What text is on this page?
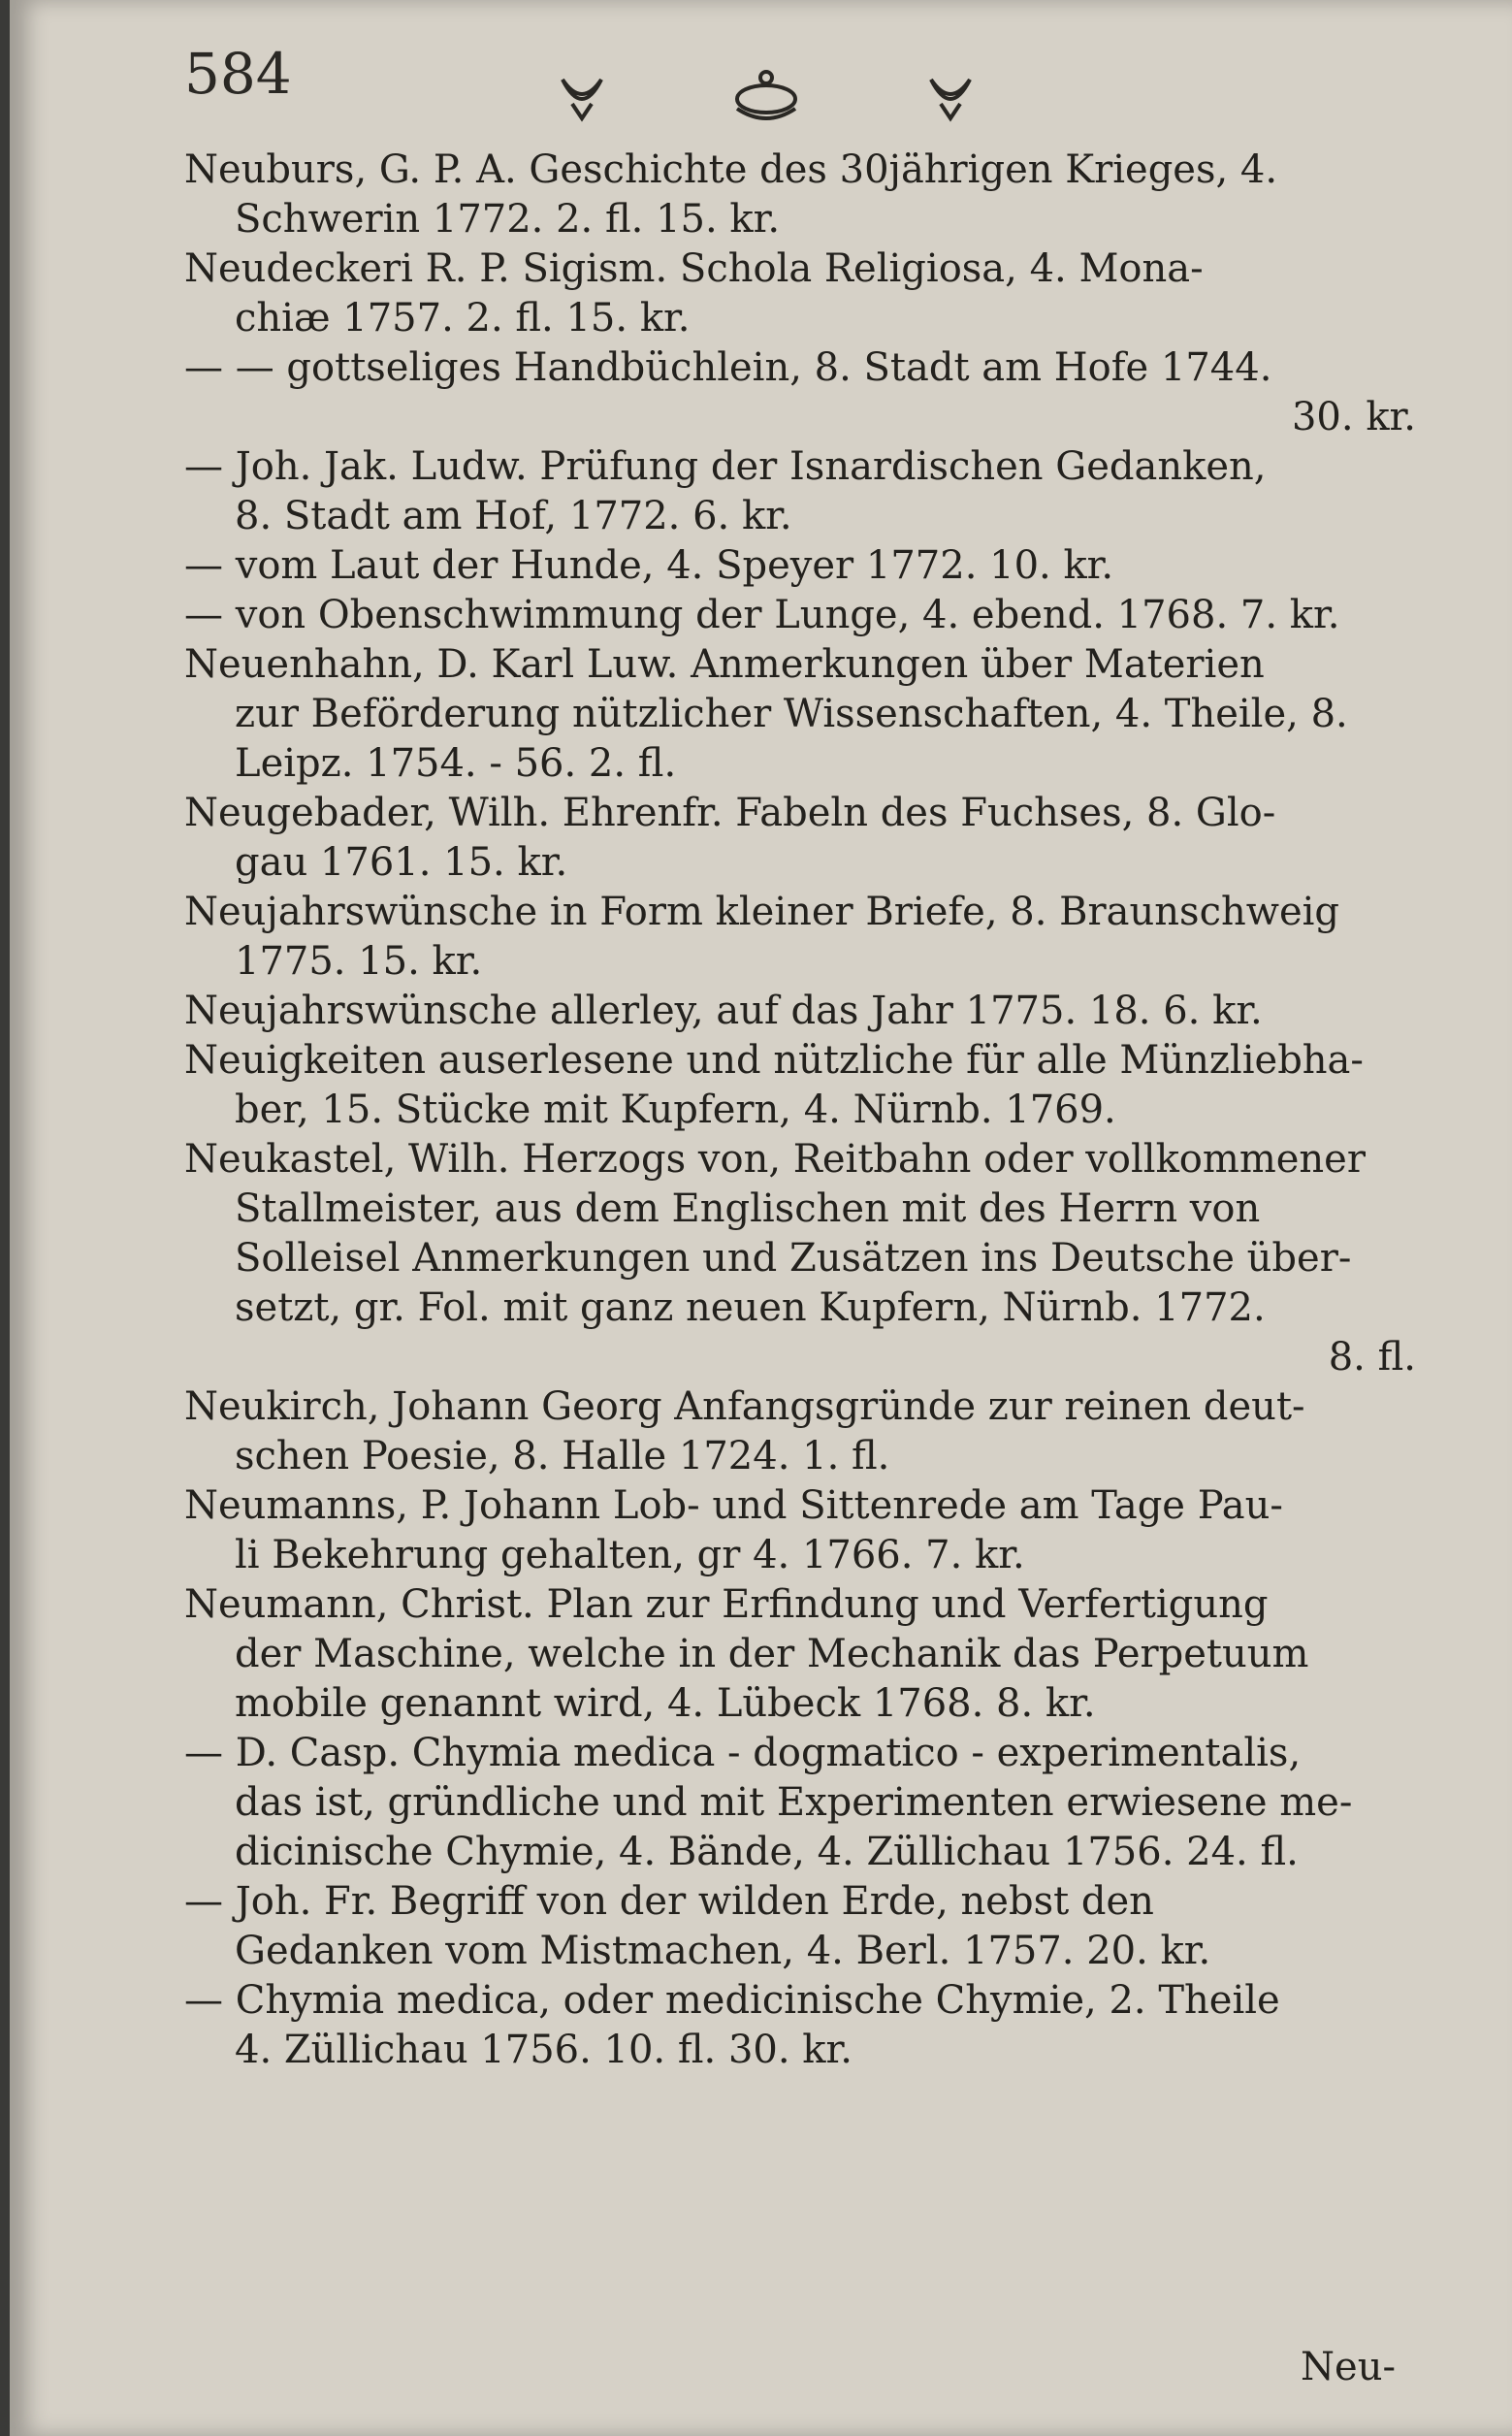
584
Neuburs, G. P. A. Geschichte des 30jährigen Krieges, 4.
Schwerin 1772. 2. fl. 15. kr.
Neudeckeri R. P. Sigism. Schola Religiosa, 4. Mona-
chiæ 1757. 2. fl. 15. kr.
— — gottseliges Handbüchlein, 8. Stadt am Hofe 1744.
30. kr.
— Joh. Jak. Ludw. Prüfung der Isnardischen Gedanken,
8. Stadt am Hof, 1772. 6. kr.
— vom Laut der Hunde, 4. Speyer 1772. 10. kr.
— von Obenschwimmung der Lunge, 4. ebend. 1768. 7. kr.
Neuenhahn, D. Karl Luw. Anmerkungen über Materien
zur Beförderung nützlicher Wissenschaften, 4. Theile, 8.
Leipz. 1754. - 56. 2. fl.
Neugebader, Wilh. Ehrenfr. Fabeln des Fuchses, 8. Glo-
gau 1761. 15. kr.
Neujahrswünsche in Form kleiner Briefe, 8. Braunschweig
1775. 15. kr.
Neujahrswünsche allerley, auf das Jahr 1775. 18. 6. kr.
Neuigkeiten auserlesene und nützliche für alle Münzliebha-
ber, 15. Stücke mit Kupfern, 4. Nürnb. 1769.
Neukastel, Wilh. Herzogs von, Reitbahn oder vollkommener
Stallmeister, aus dem Englischen mit des Herrn von
Solleisel Anmerkungen und Zusätzen ins Deutsche über-
setzt, gr. Fol. mit ganz neuen Kupfern, Nürnb. 1772.
8. fl.
Neukirch, Johann Georg Anfangsgründe zur reinen deut-
schen Poesie, 8. Halle 1724. 1. fl.
Neumanns, P. Johann Lob- und Sittenrede am Tage Pau-
li Bekehrung gehalten, gr 4. 1766. 7. kr.
Neumann, Christ. Plan zur Erfindung und Verfertigung
der Maschine, welche in der Mechanik das Perpetuum
mobile genannt wird, 4. Lübeck 1768. 8. kr.
— D. Casp. Chymia medica - dogmatico - experimentalis,
das ist, gründliche und mit Experimenten erwiesene me-
dicinische Chymie, 4. Bände, 4. Züllichau 1756. 24. fl.
— Joh. Fr. Begriff von der wilden Erde, nebst den
Gedanken vom Mistmachen, 4. Berl. 1757. 20. kr.
— Chymia medica, oder medicinische Chymie, 2. Theile
4. Züllichau 1756. 10. fl. 30. kr.
Neu-
